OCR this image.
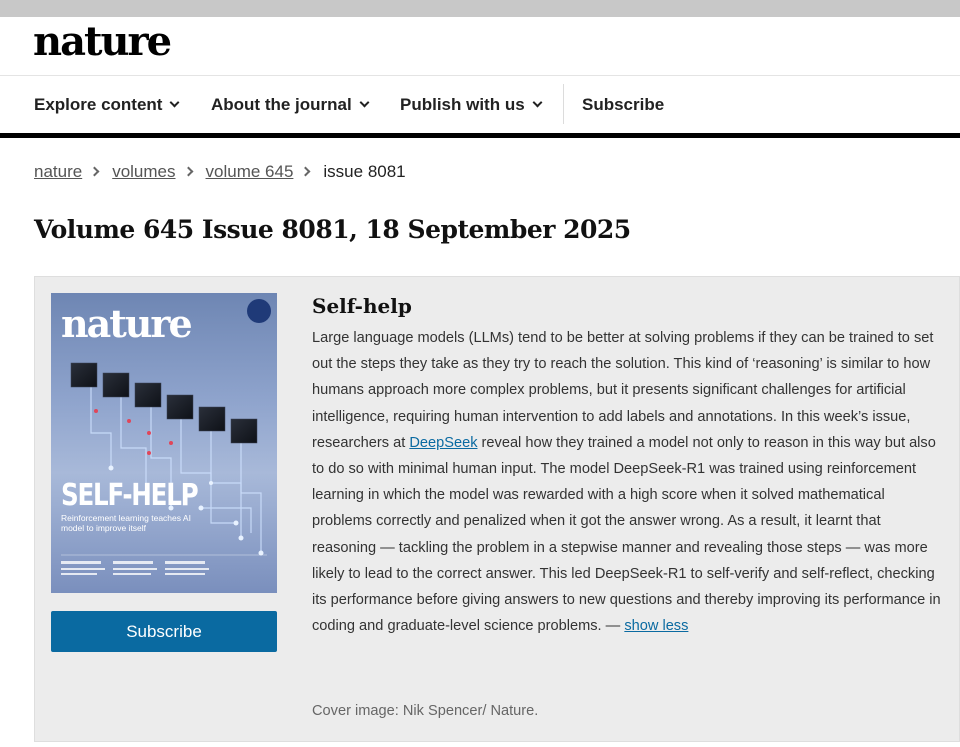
nature
Explore content	About the journal	Publish with us	Subscribe
nature volumes volume 645 issue 8081
Volume 645 Issue 8081, 18 September 2025
nature
SELF-HELP
Reinforcement learning teaches AI model to improve itself
Subscribe
Self-help

Large language models (LLMs) tend to be better at solving problems if they can be trained to set out the steps they take as they try to reach the solution. This kind of ‘reasoning’ is similar to how humans approach more complex problems, but it presents significant challenges for artificial intelligence, requiring human intervention to add labels and annotations. In this week’s issue, researchers at DeepSeek reveal how they trained a model not only to reason in this way but also to do so with minimal human input. The model DeepSeek-R1 was trained using reinforcement learning in which the model was rewarded with a high score when it solved mathematical problems correctly and penalized when it got the answer wrong. As a result, it learnt that reasoning — tackling the problem in a stepwise manner and revealing those steps — was more likely to lead to the correct answer. This led DeepSeek-R1 to self-verify and self-reflect, checking its performance before giving answers to new questions and thereby improving its performance in coding and graduate-level science problems. — show less

Cover image: Nik Spencer/ Nature.
